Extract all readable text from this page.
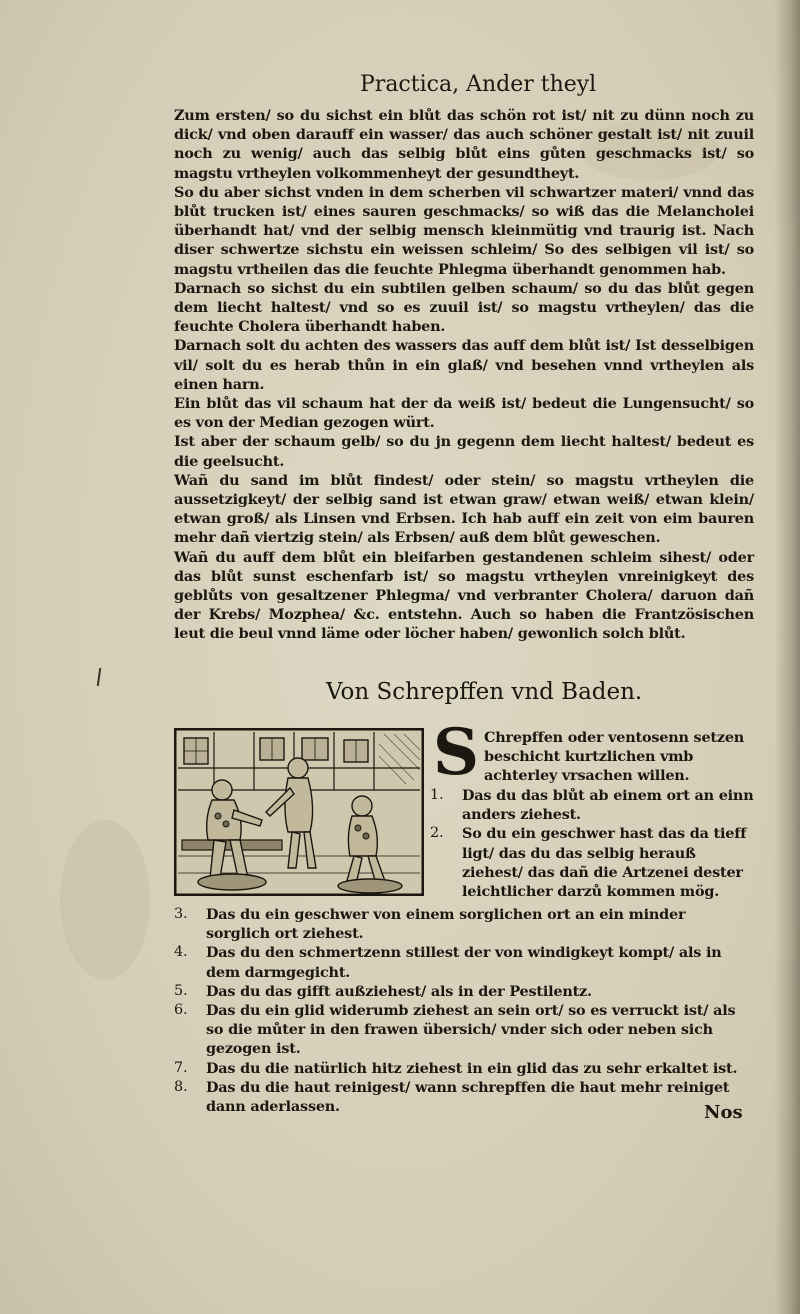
Practica, Ander theyl
Zum ersten/ so du sichst ein blůt das schön rot ist/ nit zu dünn noch zu dick/ vnd oben darauff ein wasser/ das auch schöner gestalt ist/ nit zuuil noch zu wenig/ auch das selbig blůt eins gůten geschmacks ist/ so magstu vrtheylen volkommenheyt der gesundtheyt.
So du aber sichst vnden in dem scherben vil schwartzer materi/ vnnd das blůt trucken ist/ eines sauren geschmacks/ so wiß das die Melancholei überhandt hat/ vnd der selbig mensch kleinmütig vnd traurig ist. Nach diser schwertze sichstu ein weissen schleim/ So des selbigen vil ist/ so magstu vrtheilen das die feuchte Phlegma überhandt genommen hab.
Darnach so sichst du ein subtilen gelben schaum/ so du das blůt gegen dem liecht haltest/ vnd so es zuuil ist/ so magstu vrtheylen/ das die feuchte Cholera überhandt haben.
Darnach solt du achten des wassers das auff dem blůt ist/ Ist desselbigen vil/ solt du es herab thůn in ein glaß/ vnd besehen vnnd vrtheylen als einen harn.
Ein blůt das vil schaum hat der da weiß ist/ bedeut die Lungensucht/ so es von der Median gezogen würt.
Ist aber der schaum gelb/ so du jn gegenn dem liecht haltest/ bedeut es die geelsucht.
Wañ du sand im blůt findest/ oder stein/ so magstu vrtheylen die aussetzigkeyt/ der selbig sand ist etwan graw/ etwan weiß/ etwan klein/ etwan groß/ als Linsen vnd Erbsen. Ich hab auff ein zeit von eim bauren mehr dañ viertzig stein/ als Erbsen/ auß dem blůt geweschen.
Wañ du auff dem blůt ein bleifarben gestandenen schleim sihest/ oder das blůt sunst eschenfarb ist/ so magstu vrtheylen vnreinigkeyt des geblůts von gesaltzener Phlegma/ vnd verbranter Cholera/ daruon dañ der Krebs/ Mozphea/ &c. entstehn. Auch so haben die Frantzösischen leut die beul vnnd läme oder löcher haben/ gewonlich solch blůt.
Von Schrepffen vnd Baden.
S Chrepffen oder ventosenn setzen beschicht kurtzlichen vmb achterley vrsachen willen.
1.	Das du das blůt ab einem ort an einn anders ziehest.
2.	So du ein geschwer hast das da tieff ligt/ das du das selbig herauß ziehest/ das dañ die Artzenei dester leichtlicher darzů kommen mög.
3.	Das du ein geschwer von einem sorglichen ort an ein minder sorglich ort ziehest.
4.	Das du den schmertzenn stillest der von windigkeyt kompt/ als in dem darmgegicht.
5.	Das du das gifft außziehest/ als in der Pestilentz.
6.	Das du ein glid widerumb ziehest an sein ort/ so es verruckt ist/ als so die můter in den frawen übersich/ vnder sich oder neben sich gezogen ist.
7.	Das du die natürlich hitz ziehest in ein glid das zu sehr erkaltet ist.
8.	Das du die haut reinigest/ wann schrepffen die haut mehr reiniget dann aderlassen.	Nos
